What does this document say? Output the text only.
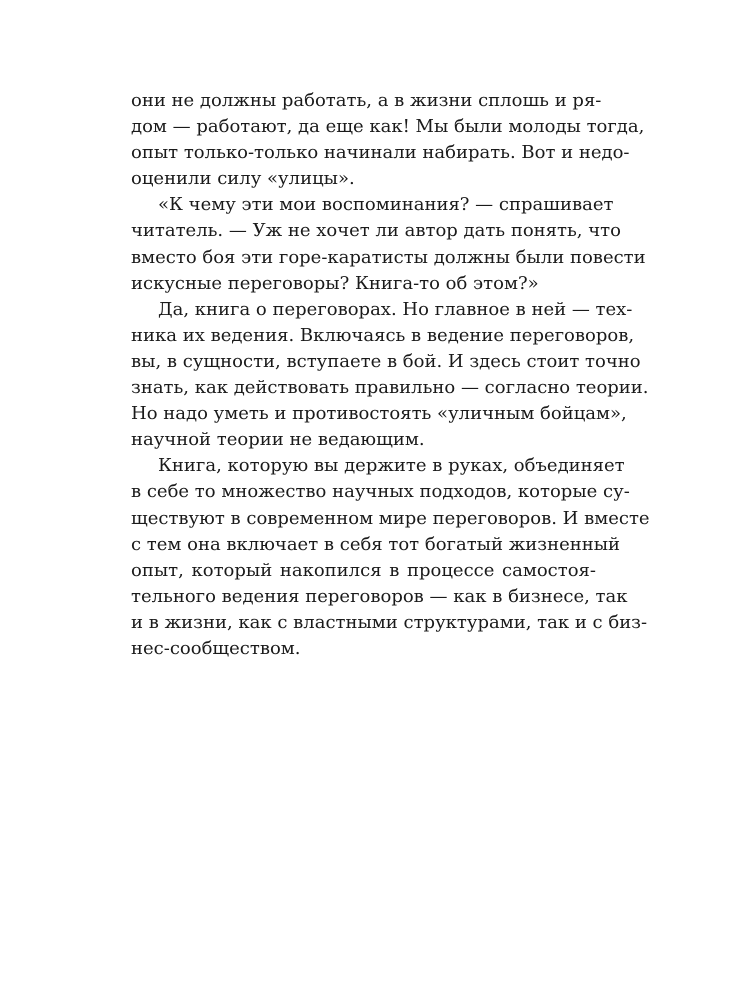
они не должны работать, а в жизни сплошь и ря-
дом — работают, да еще как! Мы были молоды тогда,
опыт только-только начинали набирать. Вот и недо-
оценили силу «улицы».
«К чему эти мои воспоминания? — спрашивает
читатель. — Уж не хочет ли автор дать понять, что
вместо боя эти горе-каратисты должны были повести
искусные переговоры? Книга-то об этом?»
Да, книга о переговорах. Но главное в ней — тех-
ника их ведения. Включаясь в ведение переговоров,
вы, в сущности, вступаете в бой. И здесь стоит точно
знать, как действовать правильно — согласно теории.
Но надо уметь и противостоять «уличным бойцам»,
научной теории не ведающим.
Книга, которую вы держите в руках, объединяет
в себе то множество научных подходов, которые су-
ществуют в современном мире переговоров. И вместе
с тем она включает в себя тот богатый жизненный
опыт, который накопился в процессе самостоя-
тельного ведения переговоров — как в бизнесе, так
и в жизни, как с властными структурами, так и с биз-
нес-сообществом.
